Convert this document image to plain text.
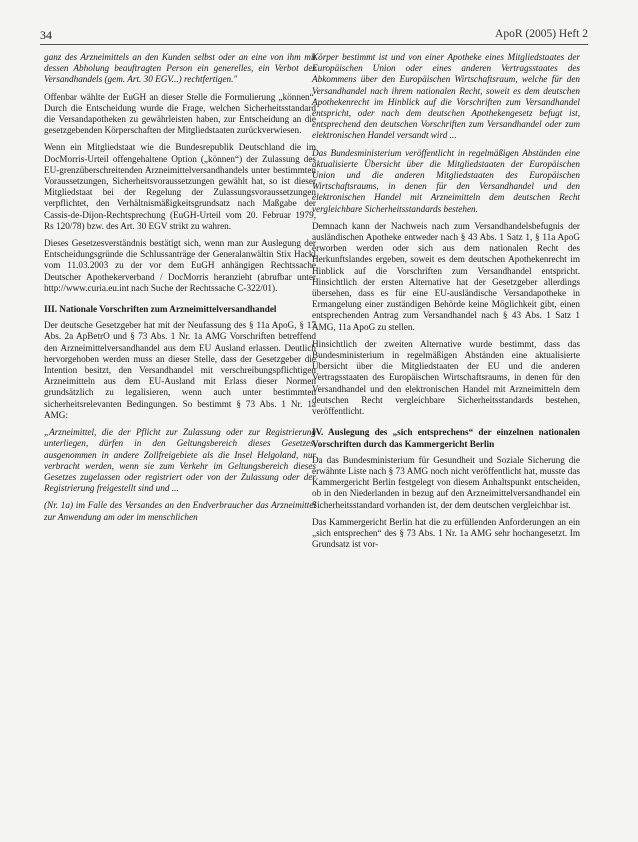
34	ApoR (2005) Heft 2

ganz des Arzneimittels an den Kunden selbst oder an eine von ihm mit dessen Abholung beauftragten Person ein generelles, ein Verbot des Versandhandels (gem. Art. 30 EGV...) rechtfertigen."

Offenbar wählte der EuGH an dieser Stelle die Formulierung „können“. Durch die Entscheidung wurde die Frage, welchen Sicherheitsstandard die Versandapotheken zu gewährleisten haben, zur Entscheidung an die gesetzgebenden Körperschaften der Mitgliedstaaten zurückverwiesen.

Wenn ein Mitgliedstaat wie die Bundesrepublik Deutschland die im DocMorris-Urteil offengehaltene Option („können“) der Zulassung des EU-grenzüberschreitenden Arzneimittelversandhandels unter bestimmten Voraussetzungen, Sicherheitsvoraussetzungen gewählt hat, so ist dieser Mitgliedstaat bei der Regelung der Zulassungsvoraussetzungen verpflichtet, den Verhältnismäßigkeitsgrundsatz nach Maßgabe der Cassis-de-Dijon-Rechtsprechung (EuGH-Urteil vom 20. Februar 1979, Rs 120/78) bzw. des Art. 30 EGV strikt zu wahren.

Dieses Gesetzesverständnis bestätigt sich, wenn man zur Auslegung der Entscheidungsgründe die Schlussanträge der Generalanwältin Stix Hackl vom 11.03.2003 zu der vor dem EuGH anhängigen Rechtssache Deutscher Apothekerverband / DocMorris heranzieht (abrufbar unter http://www.curia.eu.int nach Suche der Rechtssache C-322/01).

III. Nationale Vorschriften zum Arzneimittelversandhandel

Der deutsche Gesetzgeber hat mit der Neufassung des § 11a ApoG, § 17 Abs. 2a ApBetrO und § 73 Abs. 1 Nr. 1a AMG Vorschriften betreffend den Arzneimittelversandhandel aus dem EU Ausland erlassen. Deutlich hervorgehoben werden muss an dieser Stelle, dass der Gesetzgeber die Intention besitzt, den Versandhandel mit verschreibungspflichtigen Arzneimitteln aus dem EU-Ausland mit Erlass dieser Normen grundsätzlich zu legalisieren, wenn auch unter bestimmten sicherheitsrelevanten Bedingungen. So bestimmt § 73 Abs. 1 Nr. 1a AMG:

„Arzneimittel, die der Pflicht zur Zulassung oder zur Registrierung unterliegen, dürfen in den Geltungsbereich dieses Gesetzes, ausgenommen in andere Zollfreigebiete als die Insel Helgoland, nur verbracht werden, wenn sie zum Verkehr im Geltungsbereich dieses Gesetzes zugelassen oder registriert oder von der Zulassung oder der Registrierung freigestellt sind und ...

(Nr. 1a) im Falle des Versandes an den Endverbraucher das Arzneimittel zur Anwendung am oder im menschlichen

Körper bestimmt ist und von einer Apotheke eines Mitgliedstaates der Europäischen Union oder eines anderen Vertragsstaates des Abkommens über den Europäischen Wirtschaftsraum, welche für den Versandhandel nach ihrem nationalen Recht, soweit es dem deutschen Apothekenrecht im Hinblick auf die Vorschriften zum Versandhandel entspricht, oder nach dem deutschen Apothekengesetz befugt ist, entsprechend den deutschen Vorschriften zum Versandhandel oder zum elektronischen Handel versandt wird ...

Das Bundesministerium veröffentlicht in regelmäßigen Abständen eine aktualisierte Übersicht über die Mitgliedstaaten der Europäischen Union und die anderen Mitgliedstaaten des Europäischen Wirtschaftsraums, in denen für den Versandhandel und den elektronischen Handel mit Arzneimitteln dem deutschen Recht vergleichbare Sicherheitsstandards bestehen.

Demnach kann der Nachweis nach zum Versandhandelsbefugnis der ausländischen Apotheke entweder nach § 43 Abs. 1 Satz 1, § 11a ApoG erworben werden oder sich aus dem nationalen Recht des Herkunftslandes ergeben, soweit es dem deutschen Apothekenrecht im Hinblick auf die Vorschriften zum Versandhandel entspricht. Hinsichtlich der ersten Alternative hat der Gesetzgeber allerdings übersehen, dass es für eine EU-ausländische Versandapotheke in Ermangelung einer zuständigen Behörde keine Möglichkeit gibt, einen entsprechenden Antrag zum Versandhandel nach § 43 Abs. 1 Satz 1 AMG, 11a ApoG zu stellen.

Hinsichtlich der zweiten Alternative wurde bestimmt, dass das Bundesministerium in regelmäßigen Abständen eine aktualisierte Übersicht über die Mitgliedstaaten der EU und die anderen Vertragsstaaten des Europäischen Wirtschaftsraums, in denen für den Versandhandel und den elektronischen Handel mit Arzneimitteln dem deutschen Recht vergleichbare Sicherheitsstandards bestehen, veröffentlicht.

IV. Auslegung des „sich entsprechens“ der einzelnen nationalen Vorschriften durch das Kammergericht Berlin

Da das Bundesministerium für Gesundheit und Soziale Sicherung die erwähnte Liste nach § 73 AMG noch nicht veröffentlicht hat, musste das Kammergericht Berlin festgelegt von diesem Anhaltspunkt entscheiden, ob in den Niederlanden in bezug auf den Arzneimittelversandhandel ein Sicherheitsstandard vorhanden ist, der dem deutschen vergleichbar ist.

Das Kammergericht Berlin hat die zu erfüllenden Anforderungen an ein „sich entsprechen“ des § 73 Abs. 1 Nr. 1a AMG sehr hochangesetzt. Im Grundsatz ist vor-
